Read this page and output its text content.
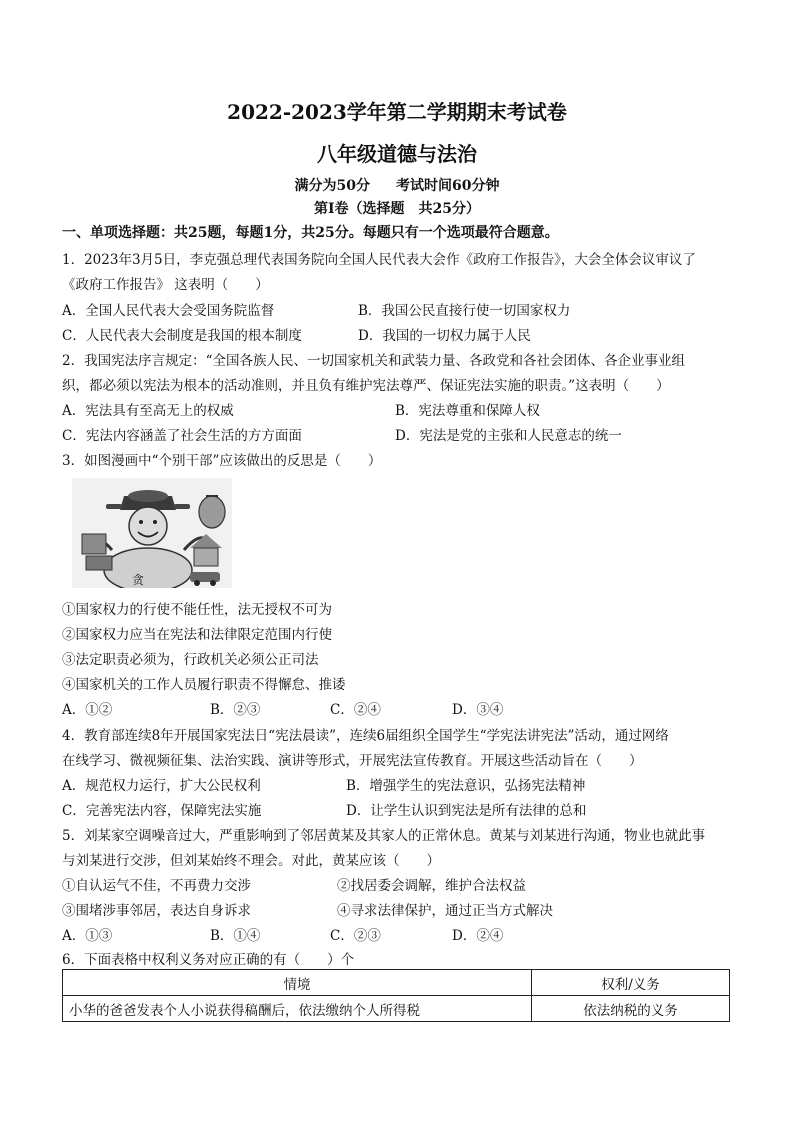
2022-2023学年第二学期期末考试卷
八年级道德与法治
满分为50分 考试时间60分钟
第Ⅰ卷（选择题　共25分）
一、单项选择题：共25题，每题1分，共25分。每题只有一个选项最符合题意。
1．2023年3月5日，李克强总理代表国务院向全国人民代表大会作《政府工作报告》，大会全体会议审议了
《政府工作报告》 这表明（　　）
A．全国人民代表大会受国务院监督	B．我国公民直接行使一切国家权力
C．人民代表大会制度是我国的根本制度	D．我国的一切权力属于人民
2．我国宪法序言规定：“全国各族人民、一切国家机关和武装力量、各政党和各社会团体、各企业事业组
织，都必须以宪法为根本的活动准则，并且负有维护宪法尊严、保证宪法实施的职责。”这表明（　　）
A．宪法具有至高无上的权威	B．宪法尊重和保障人权
C．宪法内容涵盖了社会生活的方方面面	D．宪法是党的主张和人民意志的统一
3．如图漫画中“个别干部”应该做出的反思是（　　）
贪
①国家权力的行使不能任性，法无授权不可为
②国家权力应当在宪法和法律限定范围内行使
③法定职责必须为，行政机关必须公正司法
④国家机关的工作人员履行职责不得懈怠、推诿
A．①②	B．②③	C．②④	D．③④
4．教育部连续8年开展国家宪法日“宪法晨读”，连续6届组织全国学生“学宪法讲宪法”活动，通过网络
在线学习、微视频征集、法治实践、演讲等形式，开展宪法宣传教育。开展这些活动旨在（　　）
A．规范权力运行，扩大公民权利	B．增强学生的宪法意识，弘扬宪法精神
C．完善宪法内容，保障宪法实施	D．让学生认识到宪法是所有法律的总和
5．刘某家空调噪音过大，严重影响到了邻居黄某及其家人的正常休息。黄某与刘某进行沟通，物业也就此事
与刘某进行交涉，但刘某始终不理会。对此，黄某应该（　　）
①自认运气不佳，不再费力交涉	②找居委会调解，维护合法权益
③围堵涉事邻居，表达自身诉求	④寻求法律保护，通过正当方式解决
A．①③	B．①④	C．②③	D．②④
6．下面表格中权利义务对应正确的有（　　）个
情境	权利/义务
小华的爸爸发表个人小说获得稿酬后，依法缴纳个人所得税	依法纳税的义务
